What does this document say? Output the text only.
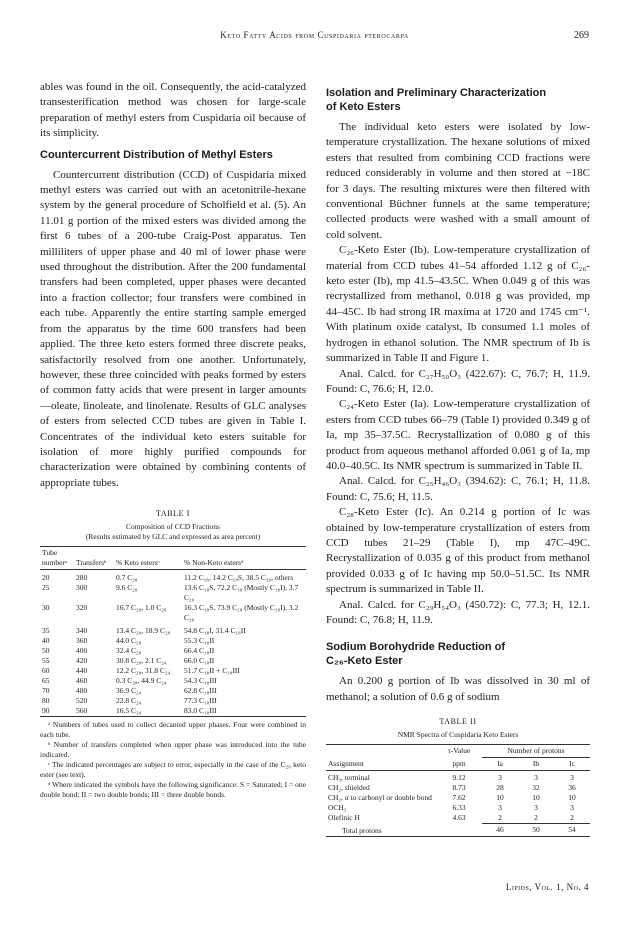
Keto Fatty Acids from Cuspidaria pterocarpa	269

ables was found in the oil. Consequently, the acid-catalyzed transesterification method was chosen for large-scale preparation of methyl esters from Cuspidaria oil because of its simplicity.

Countercurrent Distribution of Methyl Esters

Countercurrent distribution (CCD) of Cuspidaria mixed methyl esters was carried out with an acetonitrile-hexane system by the general procedure of Scholfield et al. (5). An 11.01 g portion of the mixed esters was divided among the first 6 tubes of a 200-tube Craig-Post apparatus. Ten milliliters of upper phase and 40 ml of lower phase were used throughout the distribution. After the 200 fundamental transfers had been completed, upper phases were decanted into a fraction collector; four transfers were combined in each tube. Apparently the entire starting sample emerged from the apparatus by the time 600 transfers had been applied. The three keto esters formed three discrete peaks, satisfactorily resolved from one another. Unfortunately, however, these three coincided with peaks formed by esters of common fatty acids that were present in larger amounts—oleate, linoleate, and linolenate. Results of GLC analyses of esters from selected CCD tubes are given in Table I. Concentrates of the individual keto esters suitable for isolation of more highly purified compounds for characterization were obtained by combining contents of appropriate tubes.

TABLE I
Composition of CCD Fractions
(Results estimated by GLC and expressed as area percent)
Tube numberᵃ	Transfersᵇ	% Keto estersᶜ	% Non-Keto estersᵈ
20	280	0.7 C₂₈	11.2 C₁₆, 14.2 C₁₈S, 38.5 C₂₀, others
25	300	9.6 C₂₈	13.6 C₁₈S, 72.2 C₁₈ (Mostly C₁₈I), 3.7 C₂₀
30	320	16.7 C₂₈, 1.0 C₂₆	16.3 C₁₈S, 73.9 C₁₈ (Mostly C₁₈I), 3.2 C₂₀
35	340	13.4 C₂₀, 18.9 C₂₈	54.8 C₁₈I, 31.4 C₁₈II
40	360	44.0 C₂₈	55.3 C₁₈II
50	400	32.4 C₂₈	66.4 C₁₈II
55	420	30.8 C₂₈, 2.1 C₂₄	66.0 C₁₈II
60	440	12.2 C₂₈, 31.8 C₂₄	51.7 C₁₈II + C₁₈III
65	460	0.3 C₂₈, 44.9 C₂₄	54.3 C₁₈III
70	480	36.9 C₂₄	62.8 C₁₈III
80	520	22.8 C₂₄	77.3 C₁₈III
90	560	16.5 C₂₄	83.0 C₁₈III
ᵃ Numbers of tubes used to collect decanted upper phases. Four were combined in each tube.
ᵇ Number of transfers completed when upper phase was introduced into the tube indicated.
ᶜ The indicated percentages are subject to error, especially in the case of the C₂₈ keto ester (see text).
ᵈ Where indicated the symbols have the following significance: S = Saturated; I = one double bond; II = two double bonds; III = three double bonds.
Isolation and Preliminary Characterization
of Keto Esters

The individual keto esters were isolated by low-temperature crystallization. The hexane solutions of mixed esters that resulted from combining CCD fractions were reduced considerably in volume and then stored at −18C for 3 days. The resulting mixtures were then filtered with conventional Büchner funnels at the same temperature; collected products were washed with a small amount of cold solvent.

C₂₆-Keto Ester (Ib). Low-temperature crystallization of material from CCD tubes 41–54 afforded 1.12 g of C₂₆-keto ester (Ib), mp 41.5–43.5C. When 0.049 g of this was recrystallized from methanol, 0.018 g was provided, mp 44–45C. Ib had strong IR maxima at 1720 and 1745 cm⁻¹. With platinum oxide catalyst, Ib consumed 1.1 moles of hydrogen in ethanol solution. The NMR spectrum of Ib is summarized in Table II and Figure 1.

Anal. Calcd. for C₂₇H₅₀O₃ (422.67): C, 76.7; H, 11.9. Found: C, 76.6; H, 12.0.

C₂₄-Keto Ester (Ia). Low-temperature crystallization of esters from CCD tubes 66–79 (Table I) provided 0.349 g of Ia, mp 35–37.5C. Recrystallization of 0.080 g of this product from aqueous methanol afforded 0.061 g of Ia, mp 40.0–40.5C. Its NMR spectrum is summarized in Table II.

Anal. Calcd. for C₂₅H₄₆O₃ (394.62): C, 76.1; H, 11.8. Found: C, 75.6; H, 11.5.

C₂₈-Keto Ester (Ic). An 0.214 g portion of Ic was obtained by low-temperature crystallization of esters from CCD tubes 21–29 (Table I), mp 47C–49C. Recrystallization of 0.035 g of this product from methanol provided 0.033 g of Ic having mp 50.0–51.5C. Its NMR spectrum is summarized in Table II.

Anal. Calcd. for C₂₉H₅₄O₃ (450.72): C, 77.3; H, 12.1. Found: C, 76.8; H, 11.9.

Sodium Borohydride Reduction of
C₂₆-Keto Ester

An 0.200 g portion of Ib was dissolved in 30 ml of methanol; a solution of 0.6 g of sodium

TABLE II
NMR Spectra of Cuspidaria Keto Esters
Assignment	τ-Value	Number of protons		
	ppm	Ia	Ib	Ic
CH₃, terminal	9.12	3	3	3
CH₂, shielded	8.73	28	32	36
CH₂, α to carbonyl or double bond	7.62	10	10	10
OCH₃	6.33	3	3	3
Olefinic H	4.63	2	2	2
Total protons		46	50	54
Lipids, Vol. 1, No. 4
